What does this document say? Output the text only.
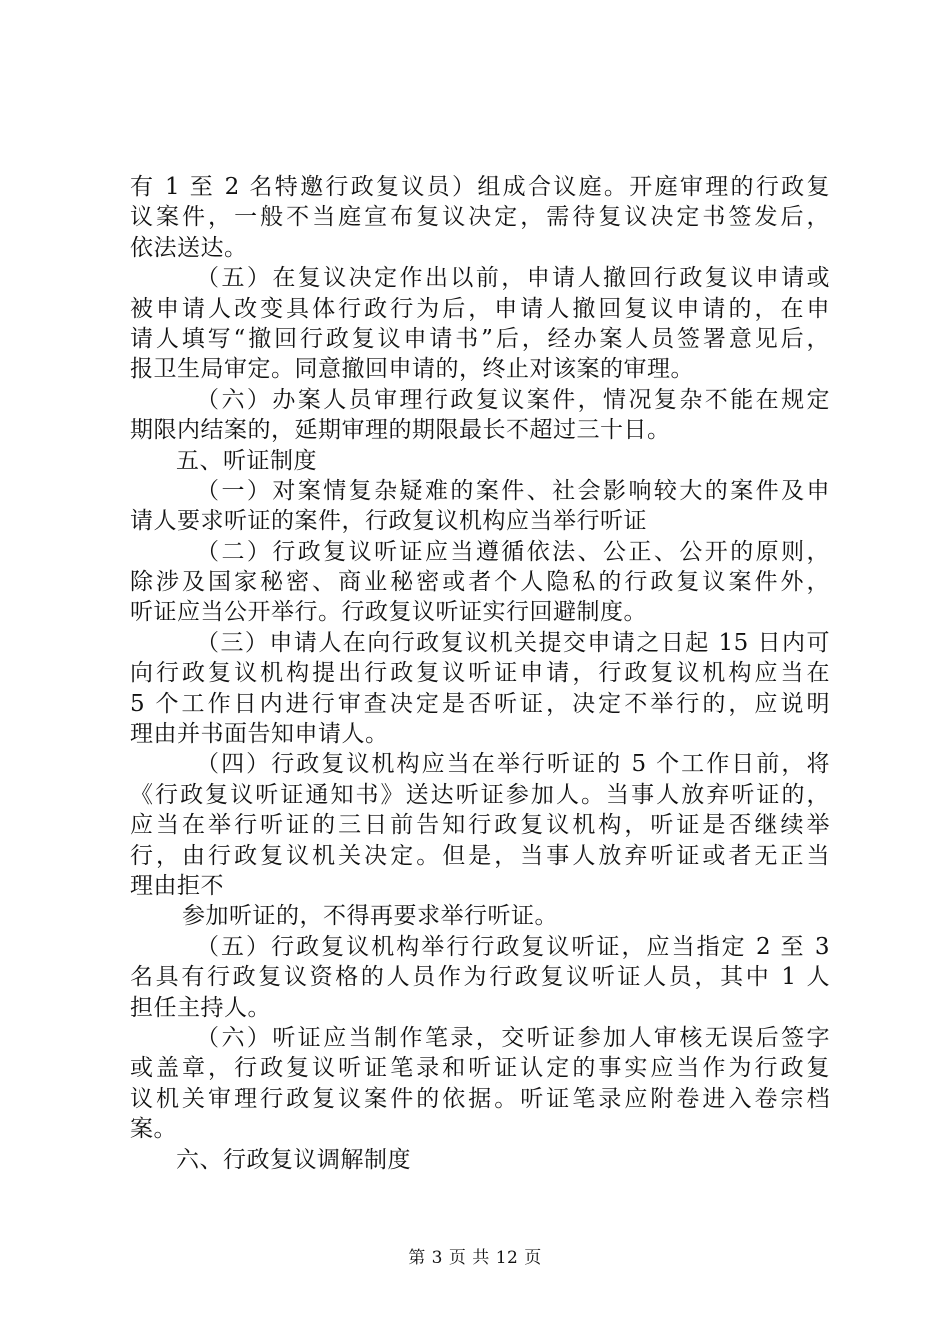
有 1 至 2 名特邀行政复议员）组成合议庭。开庭审理的行政复
议案件，一般不当庭宣布复议决定，需待复议决定书签发后，
依法送达。
（五）在复议决定作出以前，申请人撤回行政复议申请或
被申请人改变具体行政行为后，申请人撤回复议申请的，在申
请人填写“撤回行政复议申请书”后，经办案人员签署意见后，
报卫生局审定。同意撤回申请的，终止对该案的审理。
（六）办案人员审理行政复议案件，情况复杂不能在规定
期限内结案的，延期审理的期限最长不超过三十日。
五、听证制度
（一）对案情复杂疑难的案件、社会影响较大的案件及申
请人要求听证的案件，行政复议机构应当举行听证
（二）行政复议听证应当遵循依法、公正、公开的原则，
除涉及国家秘密、商业秘密或者个人隐私的行政复议案件外，
听证应当公开举行。行政复议听证实行回避制度。
（三）申请人在向行政复议机关提交申请之日起 15 日内可
向行政复议机构提出行政复议听证申请，行政复议机构应当在
5 个工作日内进行审查决定是否听证，决定不举行的，应说明
理由并书面告知申请人。
（四）行政复议机构应当在举行听证的 5 个工作日前，将
《行政复议听证通知书》送达听证参加人。当事人放弃听证的，
应当在举行听证的三日前告知行政复议机构，听证是否继续举
行，由行政复议机关决定。但是，当事人放弃听证或者无正当
理由拒不
参加听证的，不得再要求举行听证。
（五）行政复议机构举行行政复议听证，应当指定 2 至 3
名具有行政复议资格的人员作为行政复议听证人员，其中 1 人
担任主持人。
（六）听证应当制作笔录，交听证参加人审核无误后签字
或盖章，行政复议听证笔录和听证认定的事实应当作为行政复
议机关审理行政复议案件的依据。听证笔录应附卷进入卷宗档
案。
六、行政复议调解制度
第 3 页 共 12 页
